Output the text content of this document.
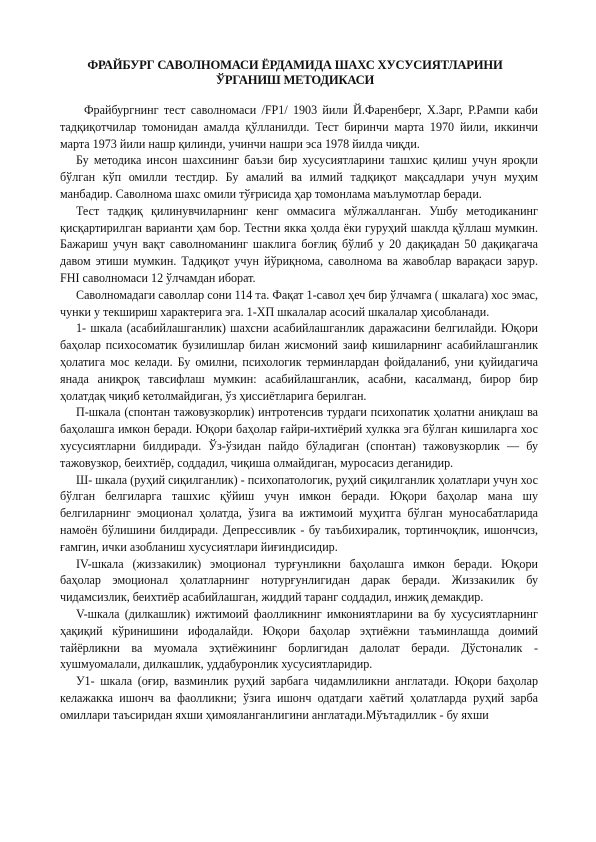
ФРАЙБУРГ САВОЛНОМАСИ ЁРДАМИДА ШАХС ХУСУСИЯТЛАРИНИ
ЎРГАНИШ МЕТОДИКАСИ

Фрайбургнинг тест саволномаси /FP1/ 1903 йили Й.Фаренберг, Х.Зарг, Р.Рампи каби тадқиқотчилар томонидан амалда қўлланилди. Тест биринчи марта 1970 йили, иккинчи марта 1973 йили нашр қилинди, учинчи нашри эса 1978 йилда чиқди.

Бу методика инсон шахсининг баъзи бир хусусиятларини ташхис қилиш учун яроқли бўлган кўп омилли тестдир. Бу амалий ва илмий тадқиқот мақсадлари учун муҳим манбадир. Саволнома шахс омили тўғрисида ҳар томонлама маълумотлар беради.

Тест тадқиқ қилинувчиларнинг кенг оммасига мўлжалланган. Ушбу методиканинг қисқартирилган варианти ҳам бор. Тестни якка ҳолда ёки гуруҳий шаклда қўллаш мумкин. Бажариш учун вақт саволноманинг шаклига боғлиқ бўлиб у 20 дақиқадан 50 дақиқагача давом этиши мумкин. Тадқиқот учун йўриқнома, саволнома ва жавоблар варақаси зарур. FHI саволномаси 12 ўлчамдан иборат.

Саволномадаги саволлар сони 114 та. Фақат 1-савол ҳеч бир ўлчамга ( шкалага) хос эмас, чунки у текшириш характерига эга. 1-ХП шкалалар асосий шкалалар ҳисобланади.

1- шкала (асабийлашганлик) шахсни асабийлашганлик даражасини белгилайди. Юқори баҳолар психосоматик бузилишлар билан жисмоний заиф кишиларнинг асабийлашганлик ҳолатига мос келади. Бу омилни, психологик терминлардан фойдаланиб, уни қуйидагича янада аниқроқ тавсифлаш мумкин: асабийлашганлик, асабни, касалманд, бирор бир ҳолатдақ чиқиб кетолмайдиган, ўз ҳиссиётларига берилган.

П-шкала (спонтан тажовузкорлик) интротенсив турдаги психопатик ҳолатни аниқлаш ва баҳолашга имкон беради. Юқори баҳолар ғайри-ихтиёрий хулкка эга бўлган кишиларга хос хусусиятларни билдиради. Ўз-ўзидан пайдо бўладиган (спонтан) тажовузкорлик — бу тажовузкор, беихтиёр, соддадил, чиқиша олмайдиган, муросасиз деганидир.

Ш- шкала (руҳий сиқилганлик) - психопатологик, руҳий сиқилганлик ҳолатлари учун хос бўлган белгиларга ташхис қўйиш учун имкон беради. Юқори баҳолар мана шу белгиларнинг эмоционал ҳолатда, ўзига ва ижтимоий муҳитга бўлган муносабатларида намоён бўлишини билдиради. Депрессивлик - бу таъбихиралик, тортинчоқлик, ишончсиз, ғамгин, ички азобланиш хусусиятлари йиғиндисидир.

IV-шкала (жиззакилик) эмоционал турғунликни баҳолашга имкон беради. Юқори баҳолар эмоционал ҳолатларнинг нотурғунлигидан дарак беради. Жиззакилик бу чидамсизлик, беихтиёр асабийлашган, жиддий таранг соддадил, инжиқ демакдир.

V-шкала (дилкашлик) ижтимоий фаолликнинг имкониятларини ва бу хусусиятларнинг ҳақиқий кўринишини ифодалайди. Юқори баҳолар эҳтиёжни таъминлашда доимий тайёрликни ва муомала эҳтиёжининг борлигидан далолат беради. Дўстоналик - хушмуомалали, дилкашлик, уддабуронлик хусусиятларидир.

У1- шкала (оғир, вазминлик руҳий зарбага чидамлиликни англатади. Юқори баҳолар келажакка ишонч ва фаолликни; ўзига ишонч одатдаги хаётий ҳолатларда руҳий зарба омиллари таъсиридан яхши ҳимояланганлигини англатади.Мўътадиллик - бу яхши
